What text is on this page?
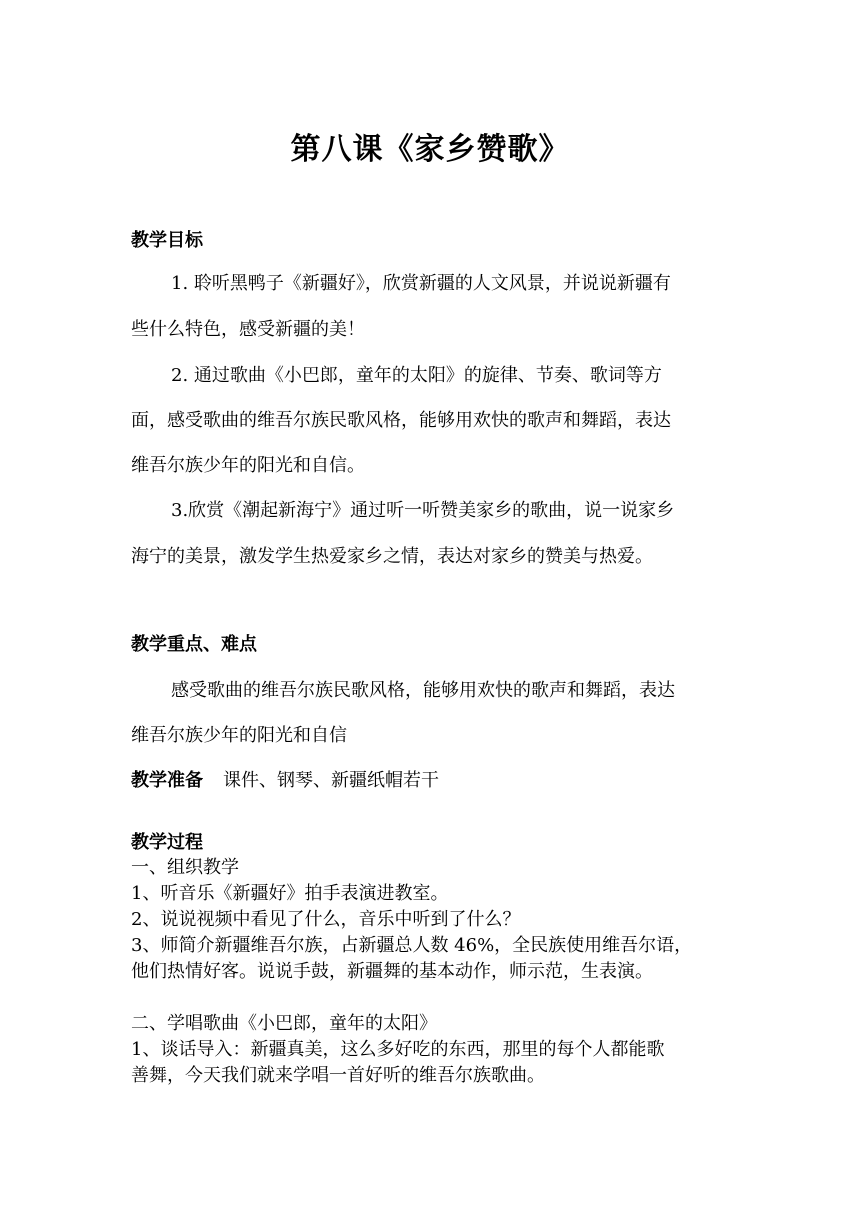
第八课《家乡赞歌》
教学目标
1. 聆听黑鸭子《新疆好》，欣赏新疆的人文风景，并说说新疆有
些什么特色，感受新疆的美！
2. 通过歌曲《小巴郎，童年的太阳》的旋律、节奏、歌词等方
面，感受歌曲的维吾尔族民歌风格，能够用欢快的歌声和舞蹈，表达
维吾尔族少年的阳光和自信。
3.欣赏《潮起新海宁》通过听一听赞美家乡的歌曲，说一说家乡
海宁的美景，激发学生热爱家乡之情，表达对家乡的赞美与热爱。
教学重点、难点
感受歌曲的维吾尔族民歌风格，能够用欢快的歌声和舞蹈，表达
维吾尔族少年的阳光和自信
教学准备 课件、钢琴、新疆纸帽若干
教学过程
一、组织教学
1、听音乐《新疆好》拍手表演进教室。
2、说说视频中看见了什么，音乐中听到了什么？
3、师简介新疆维吾尔族，占新疆总人数 46%，全民族使用维吾尔语，
他们热情好客。说说手鼓，新疆舞的基本动作，师示范，生表演。
二、学唱歌曲《小巴郎，童年的太阳》
1、谈话导入：新疆真美，这么多好吃的东西，那里的每个人都能歌
善舞，今天我们就来学唱一首好听的维吾尔族歌曲。
